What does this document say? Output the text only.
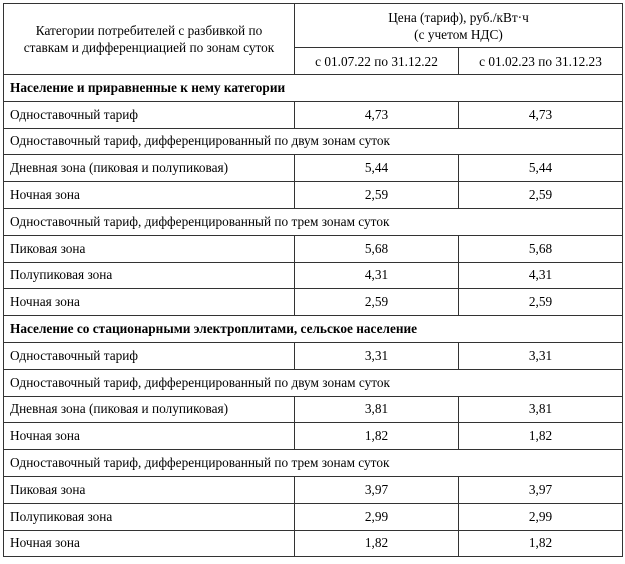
Категории потребителей с разбивкой по
ставкам и дифференциацией по зонам суток	Цена (тариф), руб./кВт·ч
(с учетом НДС)	
	с 01.07.22 по 31.12.22	с 01.02.23 по 31.12.23
Население и приравненные к нему категории		
Одноставочный тариф	4,73	4,73
Одноставочный тариф, дифференцированный по двум зонам суток		
Дневная зона (пиковая и полупиковая)	5,44	5,44
Ночная зона	2,59	2,59
Одноставочный тариф, дифференцированный по трем зонам суток		
Пиковая зона	5,68	5,68
Полупиковая зона	4,31	4,31
Ночная зона	2,59	2,59
Население со стационарными электроплитами, сельское население		
Одноставочный тариф	3,31	3,31
Одноставочный тариф, дифференцированный по двум зонам суток		
Дневная зона (пиковая и полупиковая)	3,81	3,81
Ночная зона	1,82	1,82
Одноставочный тариф, дифференцированный по трем зонам суток		
Пиковая зона	3,97	3,97
Полупиковая зона	2,99	2,99
Ночная зона	1,82	1,82
